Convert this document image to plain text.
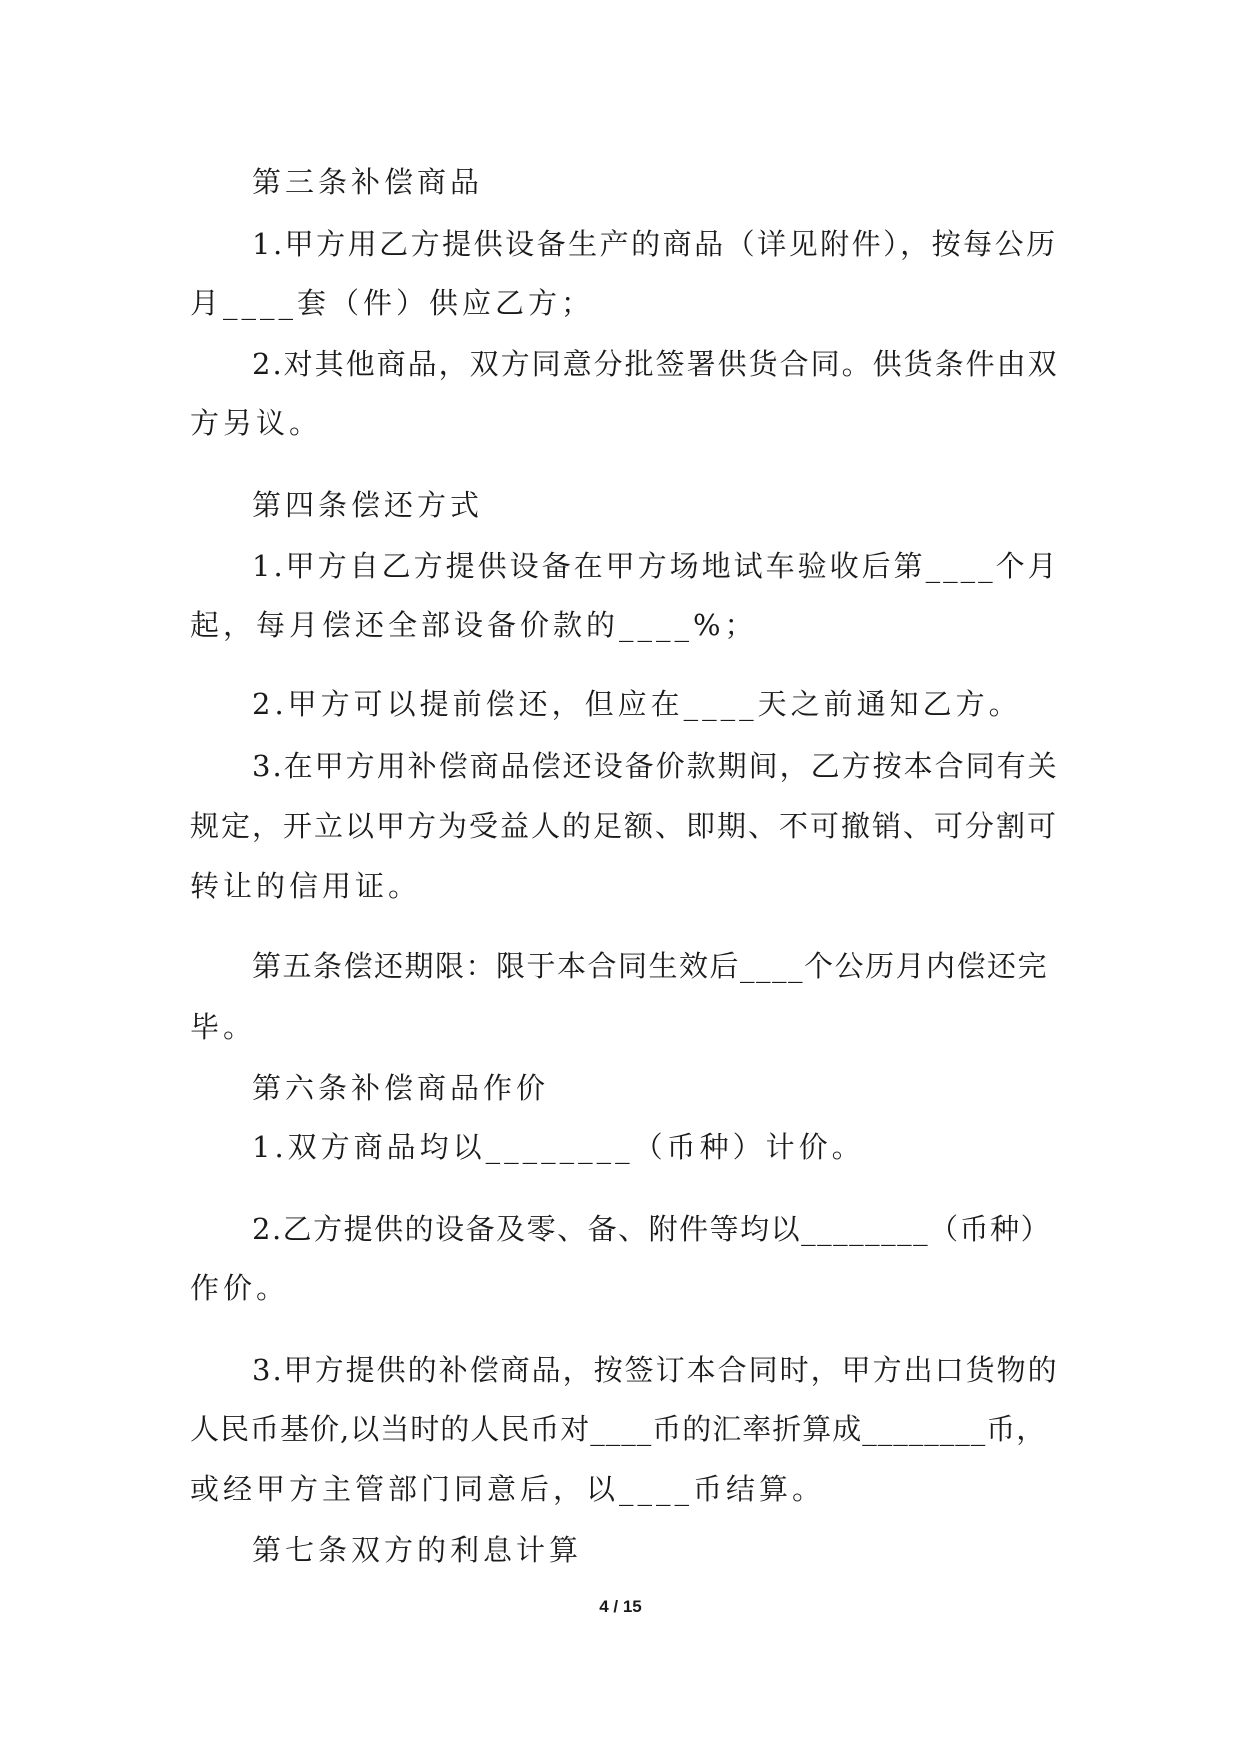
第三条补偿商品
1.甲方用乙方提供设备生产的商品（详见附件），按每公历
月____套（件）供应乙方；
2.对其他商品，双方同意分批签署供货合同。供货条件由双
方另议。
第四条偿还方式
1.甲方自乙方提供设备在甲方场地试车验收后第____个月
起，每月偿还全部设备价款的____%；
2.甲方可以提前偿还，但应在____天之前通知乙方。
3.在甲方用补偿商品偿还设备价款期间，乙方按本合同有关
规定，开立以甲方为受益人的足额、即期、不可撤销、可分割可
转让的信用证。
第五条偿还期限：限于本合同生效后____个公历月内偿还完
毕。
第六条补偿商品作价
1.双方商品均以________（币种）计价。
2.乙方提供的设备及零、备、附件等均以________（币种）
作价。
3.甲方提供的补偿商品，按签订本合同时，甲方出口货物的
人民币基价,以当时的人民币对____币的汇率折算成________币，
或经甲方主管部门同意后，以____币结算。
第七条双方的利息计算
4 / 15
